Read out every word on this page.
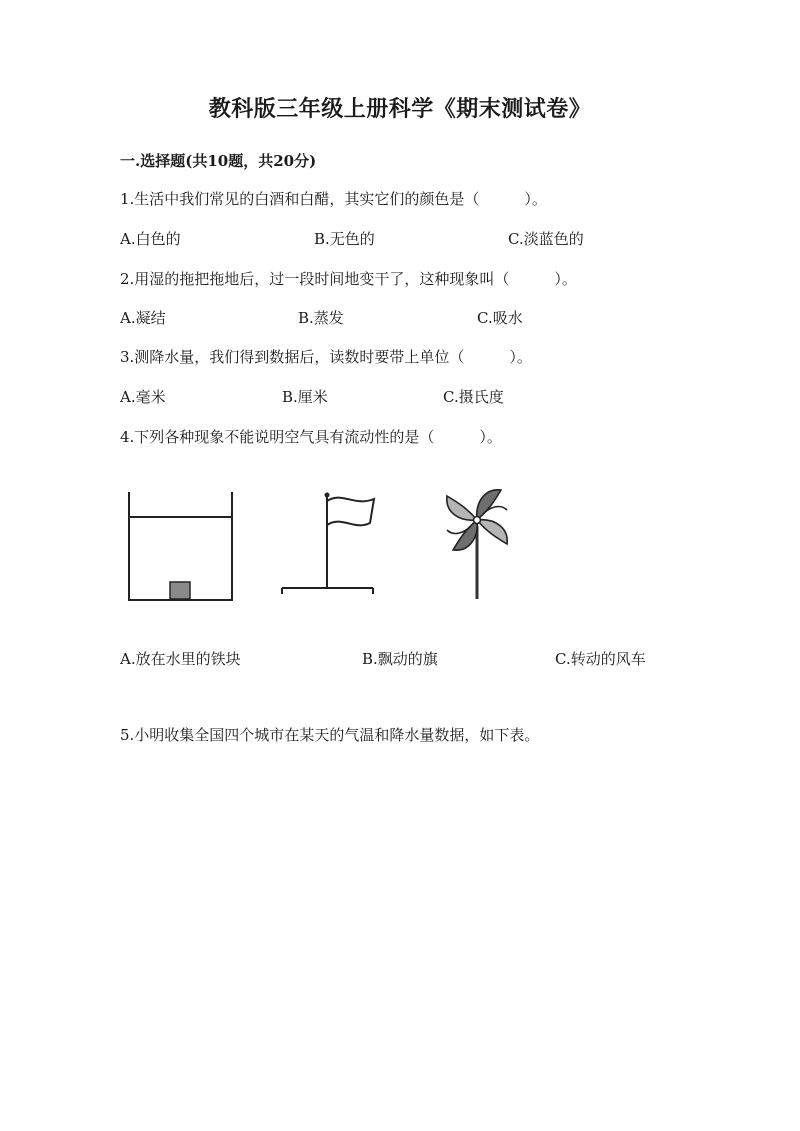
教科版三年级上册科学《期末测试卷》
一.选择题(共10题，共20分)
1.生活中我们常见的白酒和白醋，其实它们的颜色是（　　　）。
A.白色的	B.无色的	C.淡蓝色的
2.用湿的拖把拖地后，过一段时间地变干了，这种现象叫（　　　）。
A.凝结	B.蒸发	C.吸水
3.测降水量，我们得到数据后，读数时要带上单位（　　　）。
A.毫米	B.厘米	C.摄氏度
4.下列各种现象不能说明空气具有流动性的是（　　　）。
A.放在水里的铁块	B.飘动的旗	C.转动的风车
5.小明收集全国四个城市在某天的气温和降水量数据，如下表。
